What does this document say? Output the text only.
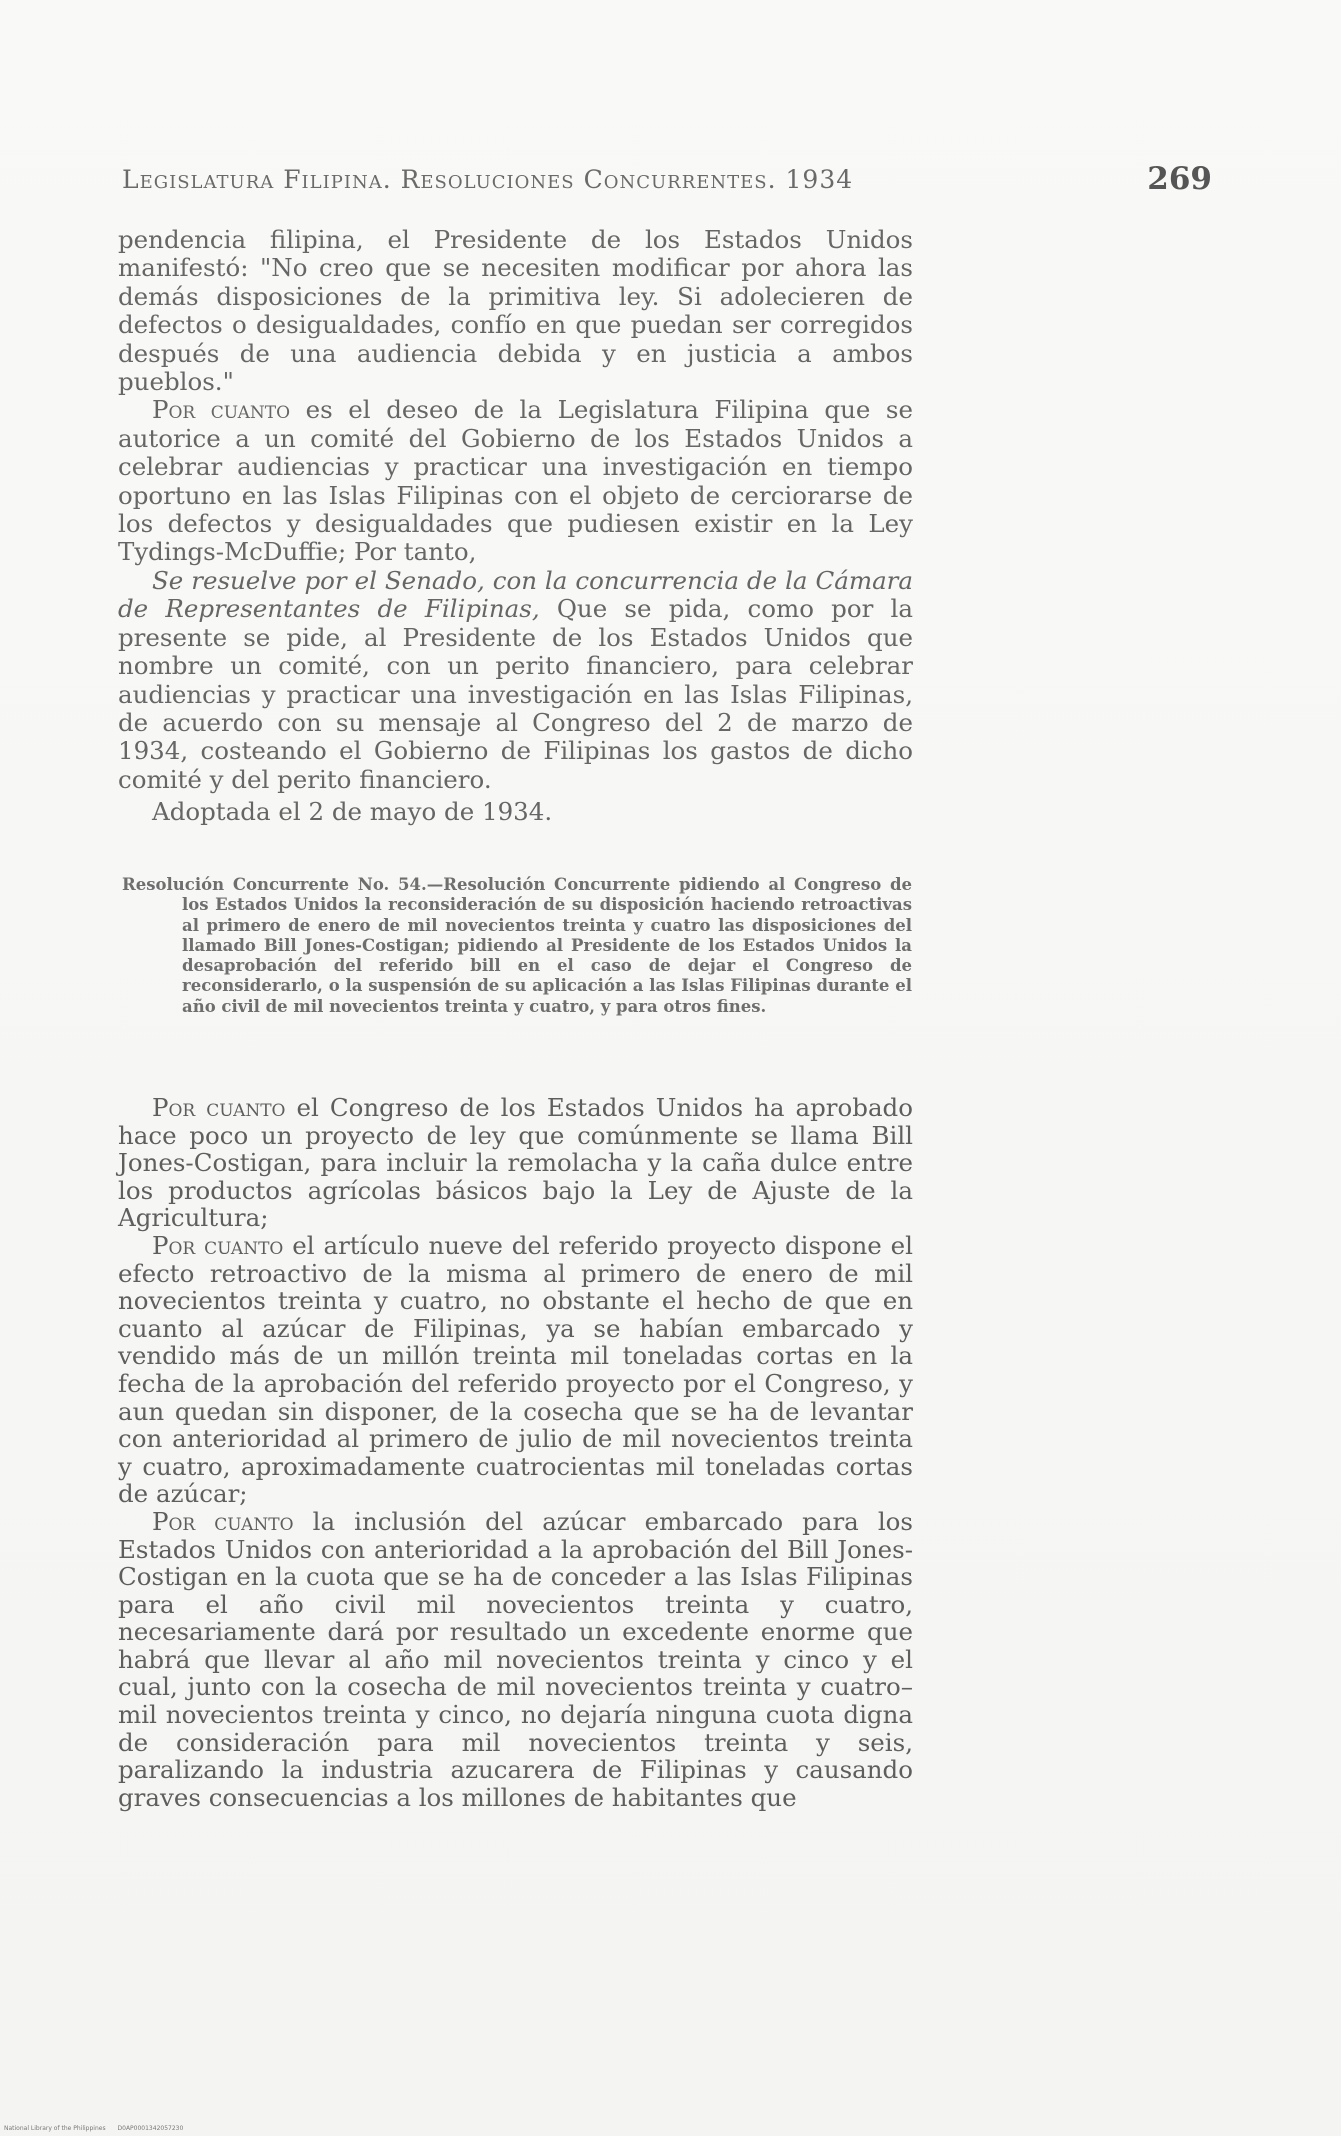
Legislatura Filipina. Resoluciones Concurrentes. 1934	269

pendencia filipina, el Presidente de los Estados Unidos manifestó: "No creo que se necesiten modificar por ahora las demás disposiciones de la primitiva ley. Si adolecieren de defectos o desigualdades, confío en que puedan ser corregidos después de una audiencia debida y en justicia a ambos pueblos."

Por cuanto es el deseo de la Legislatura Filipina que se autorice a un comité del Gobierno de los Estados Unidos a celebrar audiencias y practicar una investigación en tiempo oportuno en las Islas Filipinas con el objeto de cerciorarse de los defectos y desigualdades que pudiesen existir en la Ley Tydings-McDuffie; Por tanto,

Se resuelve por el Senado, con la concurrencia de la Cámara de Representantes de Filipinas, Que se pida, como por la presente se pide, al Presidente de los Estados Unidos que nombre un comité, con un perito financiero, para celebrar audiencias y practicar una investigación en las Islas Filipinas, de acuerdo con su mensaje al Congreso del 2 de marzo de 1934, costeando el Gobierno de Filipinas los gastos de dicho comité y del perito financiero.

Adoptada el 2 de mayo de 1934.

Resolución Concurrente No. 54.—Resolución Concurrente pidiendo al Congreso de los Estados Unidos la reconsideración de su disposición haciendo retroactivas al primero de enero de mil novecientos treinta y cuatro las disposiciones del llamado Bill Jones-Costigan; pidiendo al Presidente de los Estados Unidos la desaprobación del referido bill en el caso de dejar el Congreso de reconsiderarlo, o la suspensión de su aplicación a las Islas Filipinas durante el año civil de mil novecientos treinta y cuatro, y para otros fines.

Por cuanto el Congreso de los Estados Unidos ha aprobado hace poco un proyecto de ley que comúnmente se llama Bill Jones-Costigan, para incluir la remolacha y la caña dulce entre los productos agrícolas básicos bajo la Ley de Ajuste de la Agricultura;

Por cuanto el artículo nueve del referido proyecto dispone el efecto retroactivo de la misma al primero de enero de mil novecientos treinta y cuatro, no obstante el hecho de que en cuanto al azúcar de Filipinas, ya se habían embarcado y vendido más de un millón treinta mil toneladas cortas en la fecha de la aprobación del referido proyecto por el Congreso, y aun quedan sin disponer, de la cosecha que se ha de levantar con anterioridad al primero de julio de mil novecientos treinta y cuatro, aproximadamente cuatrocientas mil toneladas cortas de azúcar;

Por cuanto la inclusión del azúcar embarcado para los Estados Unidos con anterioridad a la aprobación del Bill Jones-Costigan en la cuota que se ha de conceder a las Islas Filipinas para el año civil mil novecientos treinta y cuatro, necesariamente dará por resultado un excedente enorme que habrá que llevar al año mil novecientos treinta y cinco y el cual, junto con la cosecha de mil novecientos treinta y cuatro–mil novecientos treinta y cinco, no dejaría ninguna cuota digna de consideración para mil novecientos treinta y seis, paralizando la industria azucarera de Filipinas y causando graves consecuencias a los millones de habitantes que

National Library of the Philippines D0AP0001342057230
